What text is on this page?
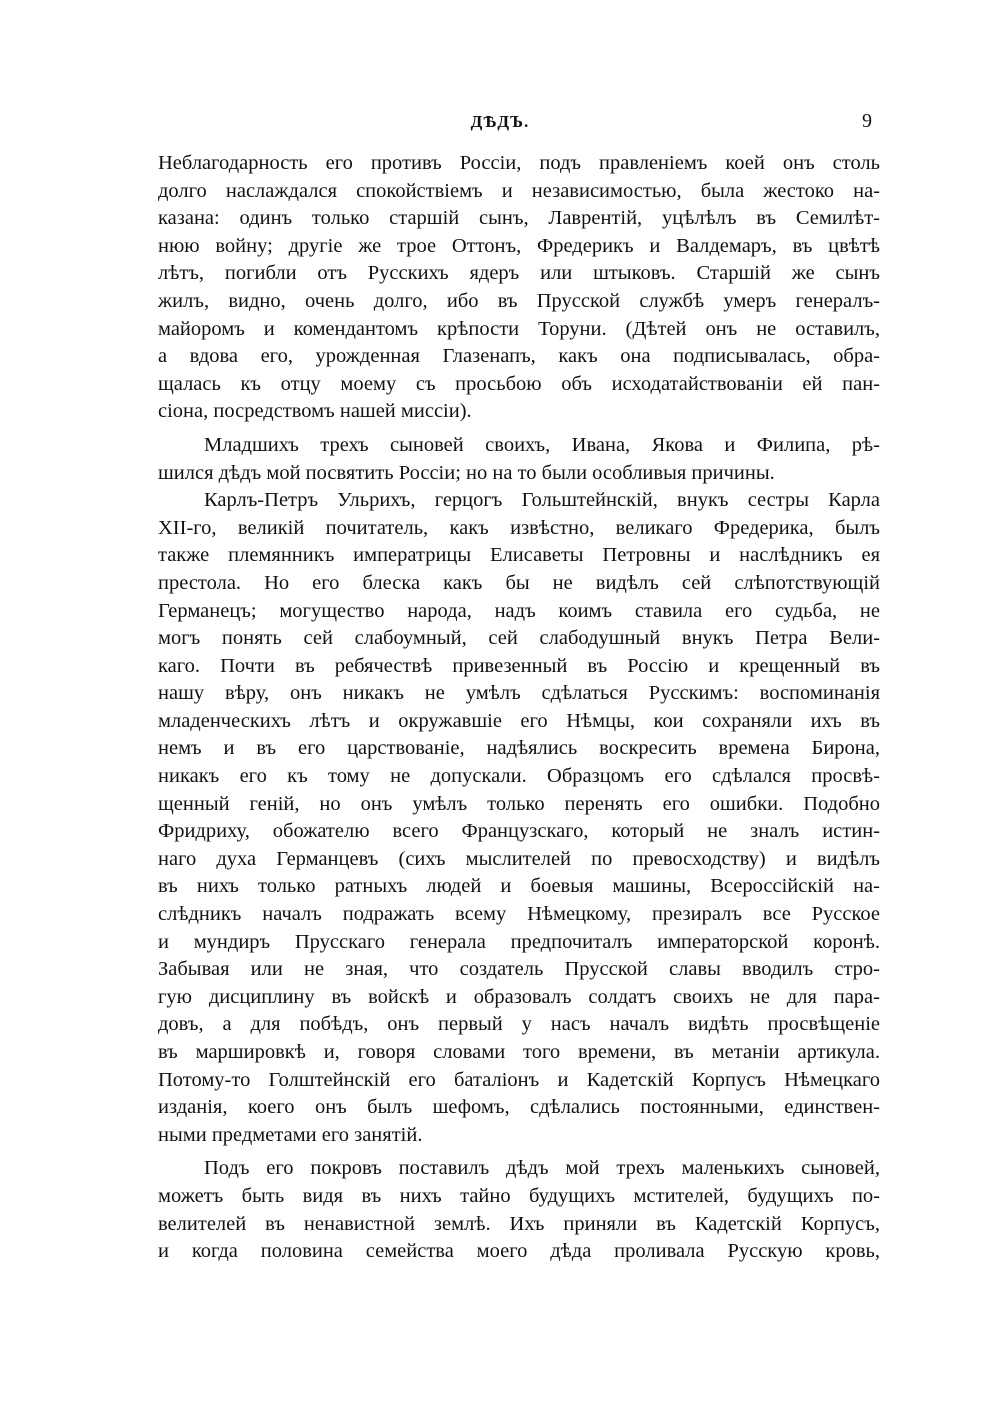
ДѢДЪ.	9
Неблагодарность его противъ Россіи, подъ правленіемъ коей онъ столь
долго наслаждался спокойствіемъ и независимостью, была жестоко на-
казана: одинъ только старшій сынъ, Лаврентій, уцѣлѣлъ въ Семилѣт-
нюю войну; другіе же трое Оттонъ, Фредерикъ и Валдемаръ, въ цвѣтѣ
лѣтъ, погибли отъ Русскихъ ядеръ или штыковъ. Старшій же сынъ
жилъ, видно, очень долго, ибо въ Прусской службѣ умеръ генералъ-
майоромъ и комендантомъ крѣпости Торуни. (Дѣтей онъ не оставилъ,
а вдова его, урожденная Глазенапъ, какъ она подписывалась, обра-
щалась къ отцу моему съ просьбою объ исходатайствованіи ей пан-
сіона, посредствомъ нашей миссіи).
Младшихъ трехъ сыновей своихъ, Ивана, Якова и Филипа, рѣ-
шился дѣдъ мой посвятить Россіи; но на то были особливыя причины.
Карлъ-Петръ Ульрихъ, герцогъ Гольштейнскій, внукъ сестры Карла
XII-го, великій почитатель, какъ извѣстно, великаго Фредерика, былъ
также племянникъ императрицы Елисаветы Петровны и наслѣдникъ ея
престола. Но его блеска какъ бы не видѣлъ сей слѣпотствующій
Германецъ; могущество народа, надъ коимъ ставила его судьба, не
могъ понять сей слабоумный, сей слабодушный внукъ Петра Вели-
каго. Почти въ ребячествѣ привезенный въ Россію и крещенный въ
нашу вѣру, онъ никакъ не умѣлъ сдѣлаться Русскимъ: воспоминанія
младенческихъ лѣтъ и окружавшіе его Нѣмцы, кои сохраняли ихъ въ
немъ и въ его царствованіе, надѣялись воскресить времена Бирона,
никакъ его къ тому не допускали. Образцомъ его сдѣлался просвѣ-
щенный геній, но онъ умѣлъ только перенять его ошибки. Подобно
Фридриху, обожателю всего Французскаго, который не зналъ истин-
наго духа Германцевъ (сихъ мыслителей по превосходству) и видѣлъ
въ нихъ только ратныхъ людей и боевыя машины, Всероссійскій на-
слѣдникъ началъ подражать всему Нѣмецкому, презиралъ все Русское
и мундиръ Прусскаго генерала предпочиталъ императорской коронѣ.
Забывая или не зная, что создатель Прусской славы вводилъ стро-
гую дисциплину въ войскѣ и образовалъ солдатъ своихъ не для пара-
довъ, а для побѣдъ, онъ первый у насъ началъ видѣть просвѣщеніе
въ маршировкѣ и, говоря словами того времени, въ метаніи артикула.
Потому-то Голштейнскій его баталіонъ и Кадетскій Корпусъ Нѣмецкаго
изданія, коего онъ былъ шефомъ, сдѣлались постоянными, единствен-
ными предметами его занятій.
Подъ его покровъ поставилъ дѣдъ мой трехъ маленькихъ сыновей,
можетъ быть видя въ нихъ тайно будущихъ мстителей, будущихъ по-
велителей въ ненавистной землѣ. Ихъ приняли въ Кадетскій Корпусъ,
и когда половина семейства моего дѣда проливала Русскую кровь,
